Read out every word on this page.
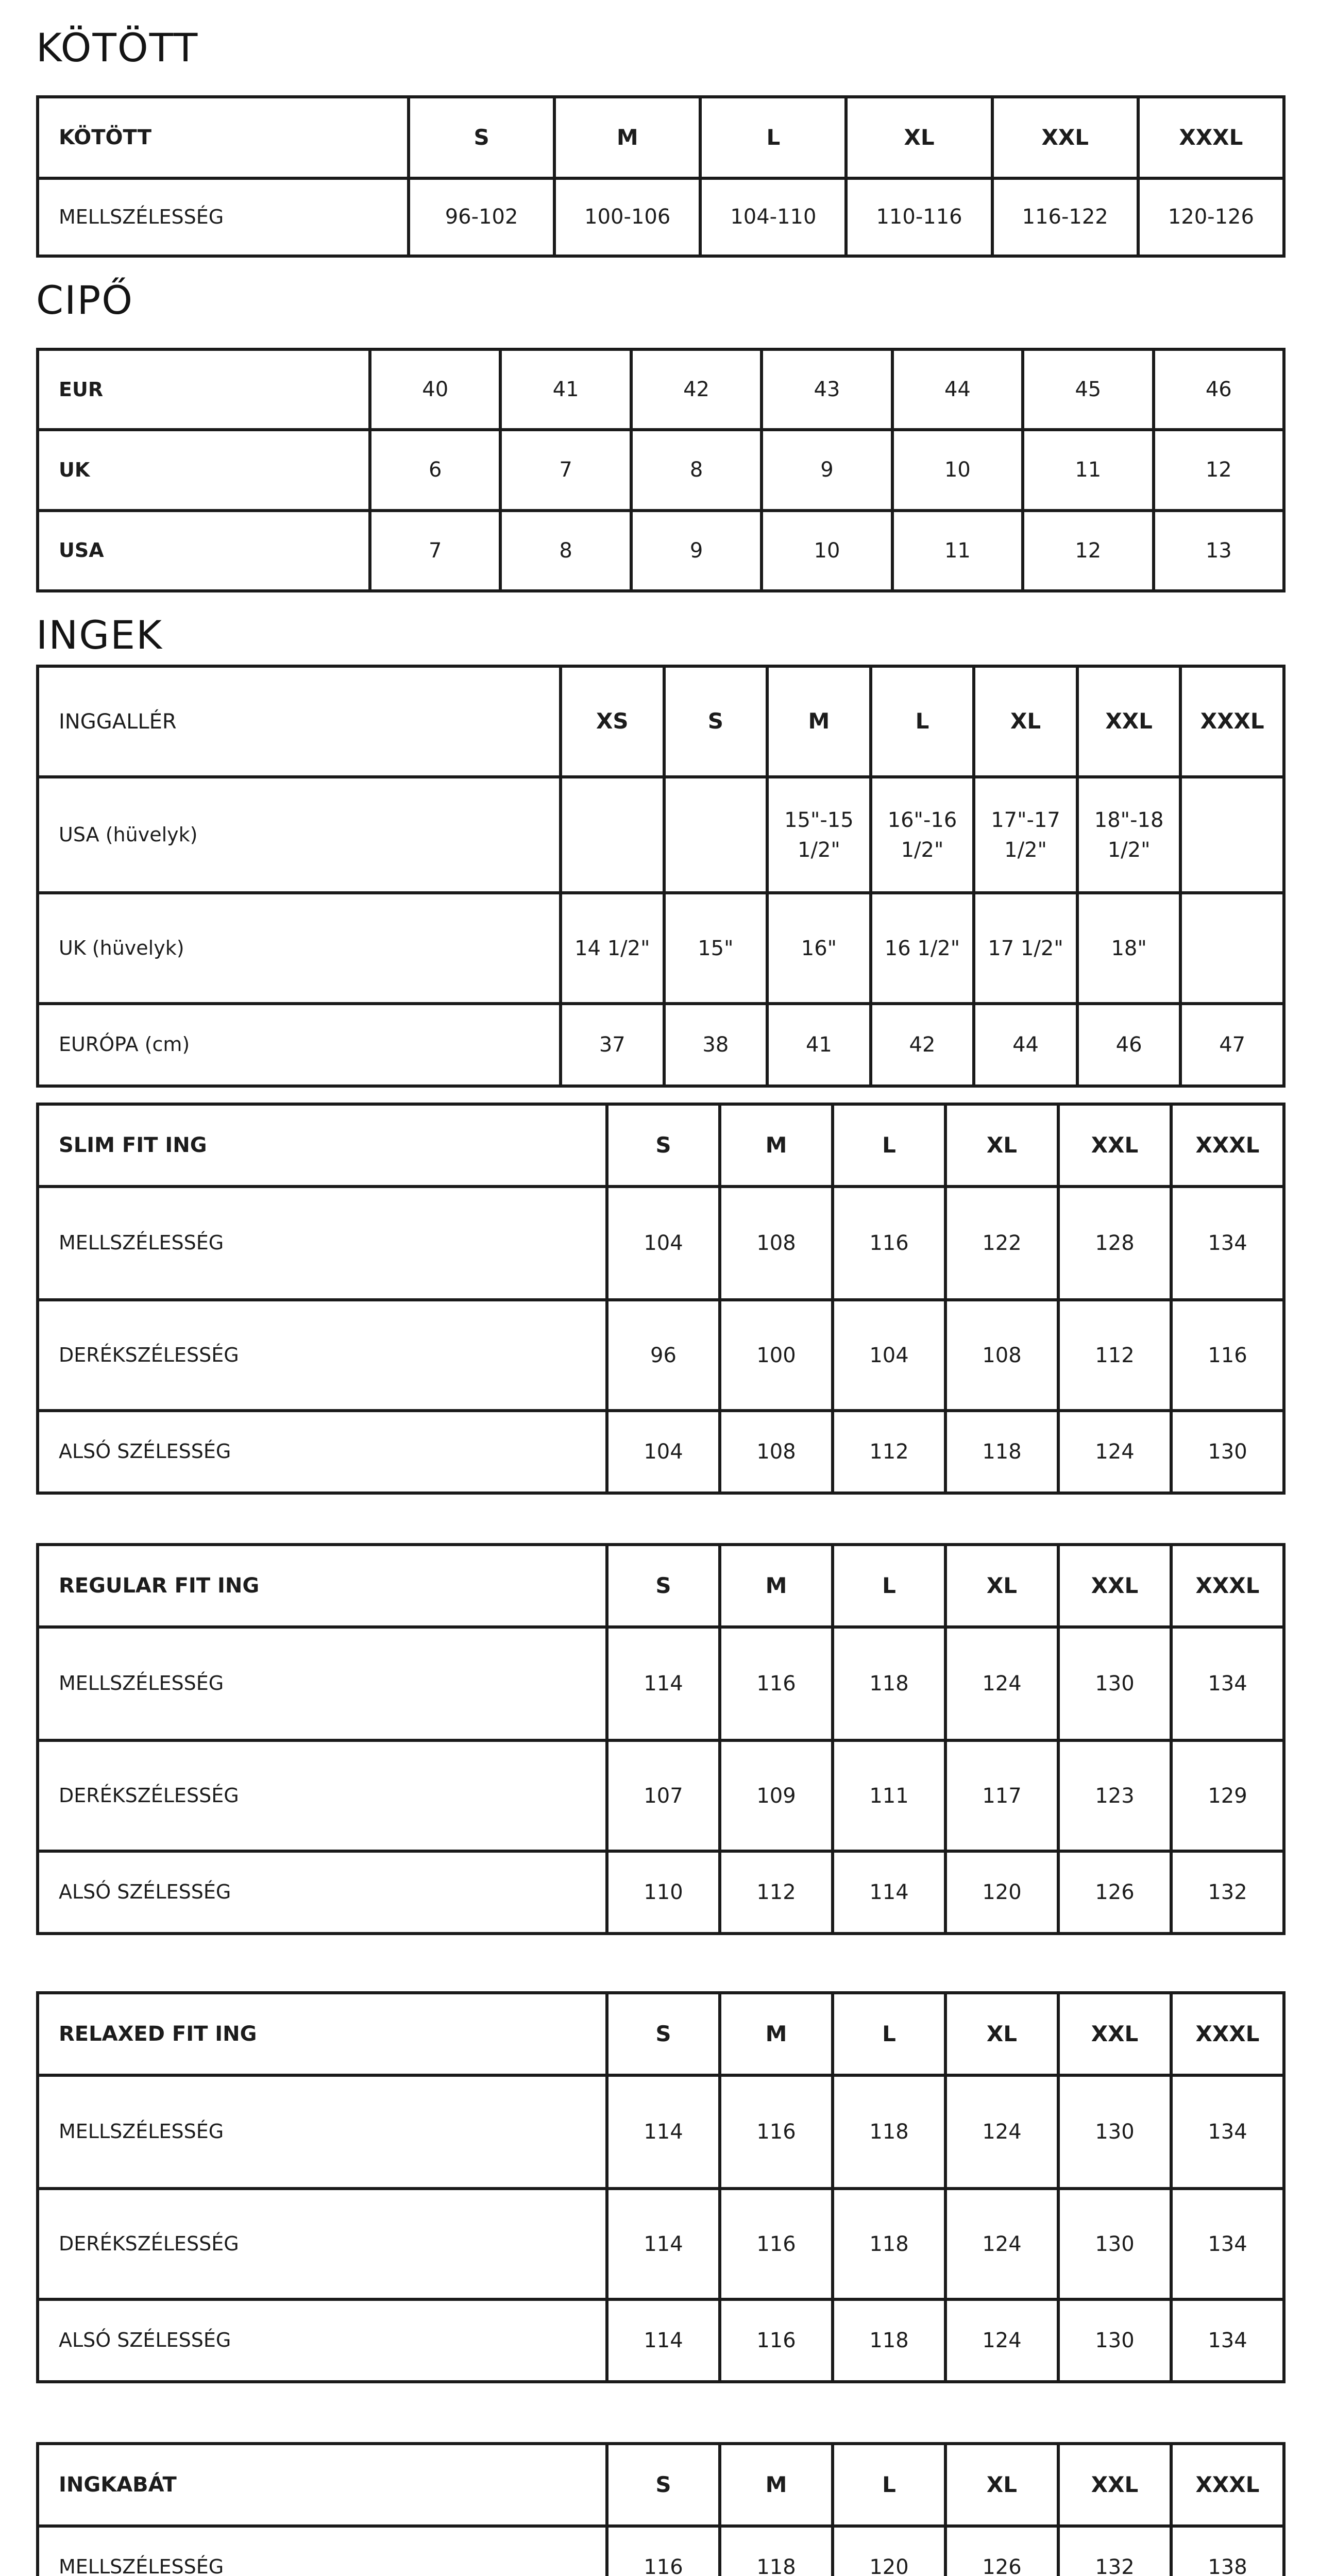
KÖTÖTT
KÖTÖTT	S	M	L	XL	XXL	XXXL
MELLSZÉLESSÉG	96-102	100-106	104-110	110-116	116-122	120-126
CIPŐ
EUR	40	41	42	43	44	45	46
UK	6	7	8	9	10	11	12
USA	7	8	9	10	11	12	13
INGEK
INGGALLÉR	XS	S	M	L	XL	XXL	XXXL
USA (hüvelyk)			15"-15 1/2"	16"-16 1/2"	17"-17 1/2"	18"-18 1/2"	
UK (hüvelyk)	14 1/2"	15"	16"	16 1/2"	17 1/2"	18"	
EURÓPA (cm)	37	38	41	42	44	46	47
SLIM FIT ING	S	M	L	XL	XXL	XXXL
MELLSZÉLESSÉG	104	108	116	122	128	134
DERÉKSZÉLESSÉG	96	100	104	108	112	116
ALSÓ SZÉLESSÉG	104	108	112	118	124	130
REGULAR FIT ING	S	M	L	XL	XXL	XXXL
MELLSZÉLESSÉG	114	116	118	124	130	134
DERÉKSZÉLESSÉG	107	109	111	117	123	129
ALSÓ SZÉLESSÉG	110	112	114	120	126	132
RELAXED FIT ING	S	M	L	XL	XXL	XXXL
MELLSZÉLESSÉG	114	116	118	124	130	134
DERÉKSZÉLESSÉG	114	116	118	124	130	134
ALSÓ SZÉLESSÉG	114	116	118	124	130	134
INGKABÁT	S	M	L	XL	XXL	XXXL
MELLSZÉLESSÉG	116	118	120	126	132	138
